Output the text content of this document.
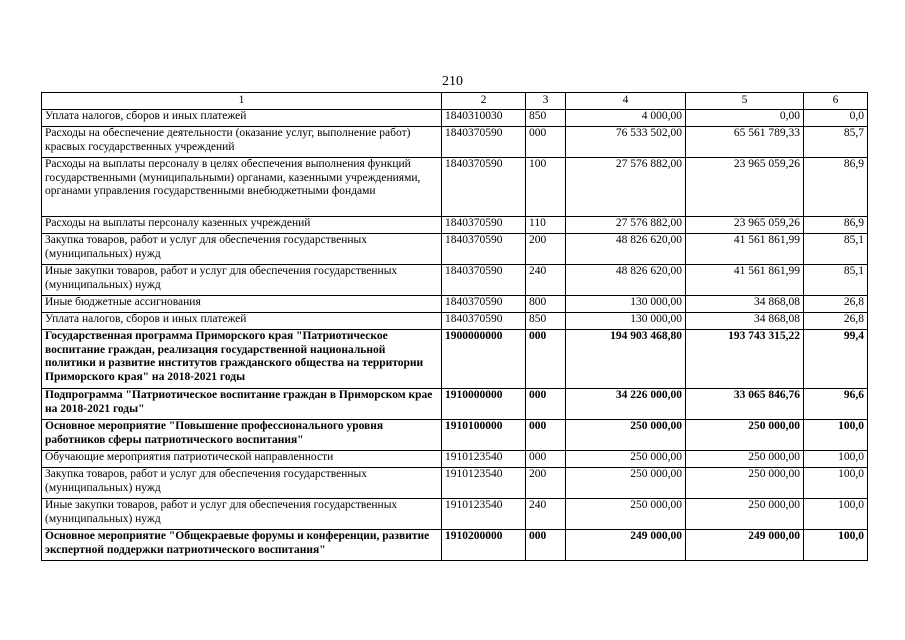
210
1	2	3	4	5	6
Уплата налогов, сборов и иных платежей	1840310030	850	4 000,00	0,00	0,0
Расходы на обеспечение деятельности (оказание услуг, выполнение работ) красвых государственных учреждений	1840370590	000	76 533 502,00	65 561 789,33	85,7
Расходы на выплаты персоналу в целях обеспечения выполнения функций государственными (муниципальными) органами, казенными учреждениями, органами управления государственными внебюджетными фондами	1840370590	100	27 576 882,00	23 965 059,26	86,9
Расходы на выплаты персоналу казенных учреждений	1840370590	110	27 576 882,00	23 965 059,26	86,9
Закупка товаров, работ и услуг для обеспечения государственных (муниципальных) нужд	1840370590	200	48 826 620,00	41 561 861,99	85,1
Иные закупки товаров, работ и услуг для обеспечения государственных (муниципальных) нужд	1840370590	240	48 826 620,00	41 561 861,99	85,1
Иные бюджетные ассигнования	1840370590	800	130 000,00	34 868,08	26,8
Уплата налогов, сборов и иных платежей	1840370590	850	130 000,00	34 868,08	26,8
Государственная программа Приморского края "Патриотическое воспитание граждан, реализация государственной национальной политики и развитие институтов гражданского общества на территории Приморского края" на 2018-2021 годы	1900000000	000	194 903 468,80	193 743 315,22	99,4
Подпрограмма "Патриотическое воспитание граждан в Приморском крае на 2018-2021 годы"	1910000000	000	34 226 000,00	33 065 846,76	96,6
Основное мероприятие "Повышение профессионального уровня работников сферы патриотического воспитания"	1910100000	000	250 000,00	250 000,00	100,0
Обучающие мероприятия патриотической направленности	1910123540	000	250 000,00	250 000,00	100,0
Закупка товаров, работ и услуг для обеспечения государственных (муниципальных) нужд	1910123540	200	250 000,00	250 000,00	100,0
Иные закупки товаров, работ и услуг для обеспечения государственных (муниципальных) нужд	1910123540	240	250 000,00	250 000,00	100,0
Основное мероприятие "Общекраевые форумы и конференции, развитие экспертной поддержки патриотического воспитания"	1910200000	000	249 000,00	249 000,00	100,0
